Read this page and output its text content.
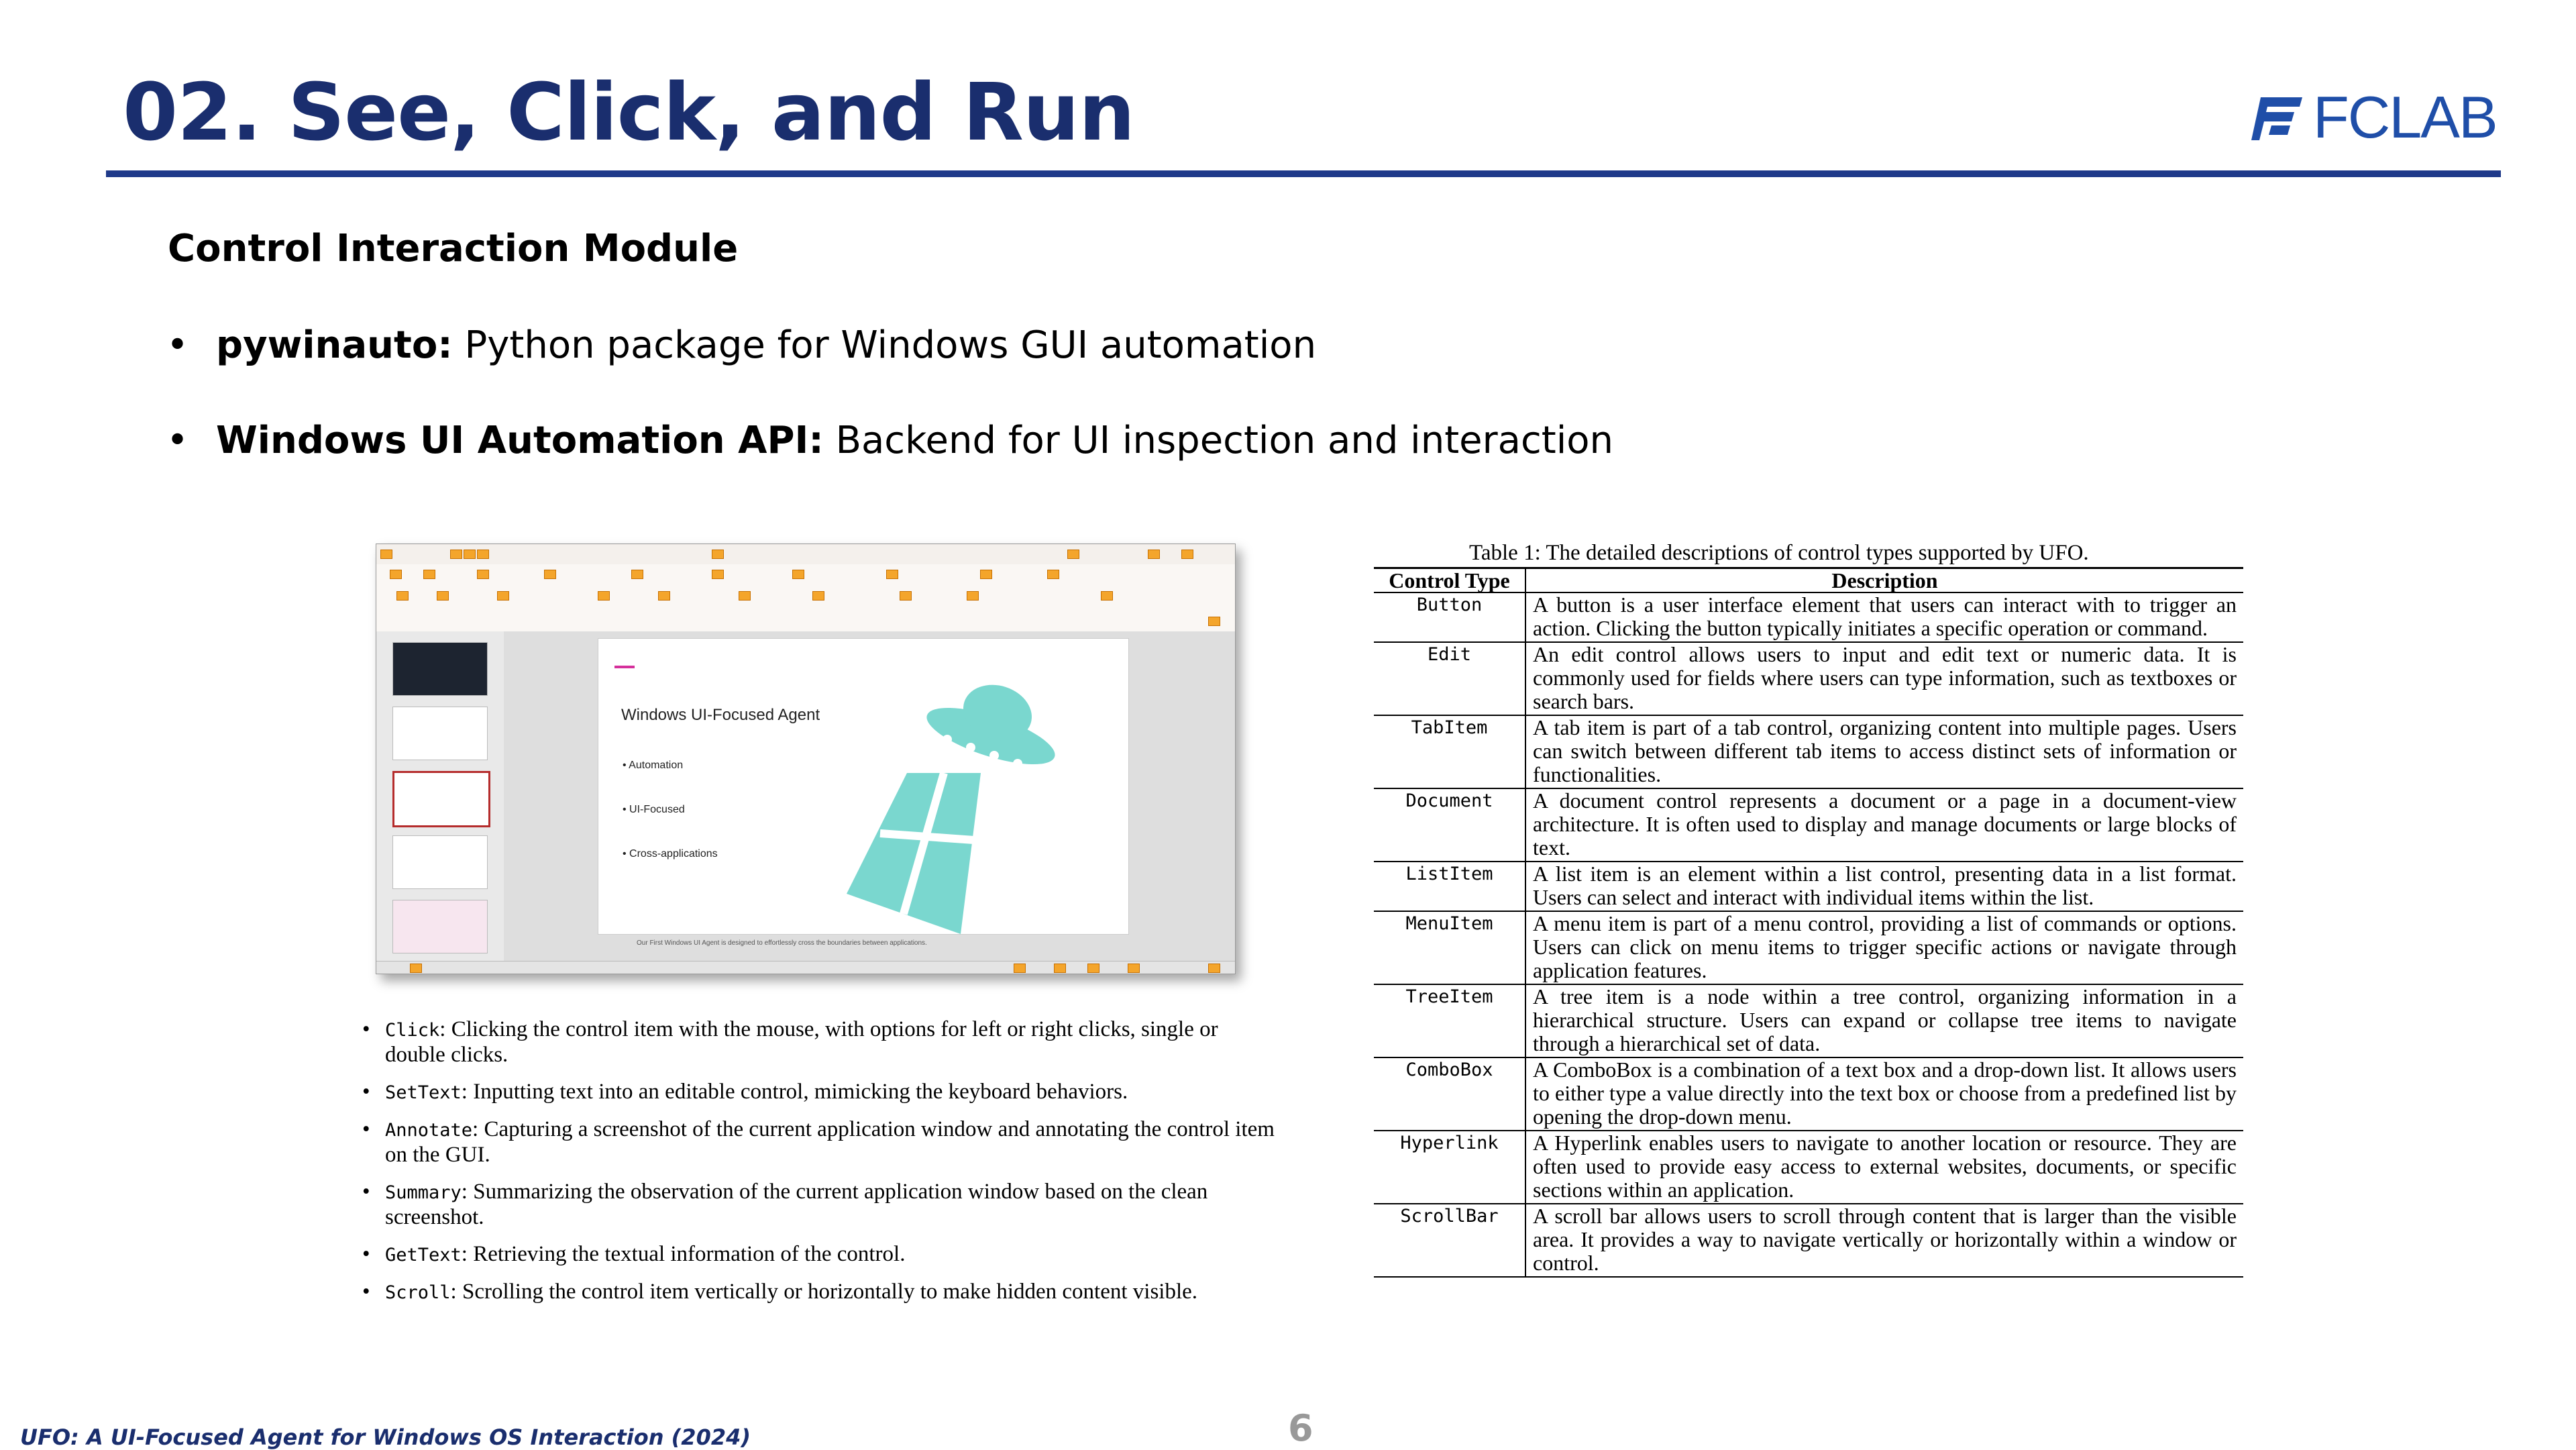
02. See, Click, and Run	FCLAB
Control Interaction Module
• pywinauto: Python package for Windows GUI automation
• Windows UI Automation API: Backend for UI inspection and interaction
Windows UI-Focused Agent
• Automation
• UI-Focused
• Cross-applications
Our First Windows UI Agent is designed to effortlessly cross the boundaries between applications.
• Click: Clicking the control item with the mouse, with options for left or right clicks, single or double clicks.
• SetText: Inputting text into an editable control, mimicking the keyboard behaviors.
• Annotate: Capturing a screenshot of the current application window and annotating the control item on the GUI.
• Summary: Summarizing the observation of the current application window based on the clean screenshot.
• GetText: Retrieving the textual information of the control.
• Scroll: Scrolling the control item vertically or horizontally to make hidden content visible.
Table 1: The detailed descriptions of control types supported by UFO.
Control Type	Description
Button	A button is a user interface element that users can interact with to trigger an action. Clicking the button typically initiates a specific operation or command.
Edit	An edit control allows users to input and edit text or numeric data. It is commonly used for fields where users can type information, such as textboxes or search bars.
TabItem	A tab item is part of a tab control, organizing content into multiple pages. Users can switch between different tab items to access distinct sets of information or functionalities.
Document	A document control represents a document or a page in a document-view architecture. It is often used to display and manage documents or large blocks of text.
ListItem	A list item is an element within a list control, presenting data in a list format. Users can select and interact with individual items within the list.
MenuItem	A menu item is part of a menu control, providing a list of commands or options. Users can click on menu items to trigger specific actions or navigate through application features.
TreeItem	A tree item is a node within a tree control, organizing information in a hierarchical structure. Users can expand or collapse tree items to navigate through a hierarchical set of data.
ComboBox	A ComboBox is a combination of a text box and a drop-down list. It allows users to either type a value directly into the text box or choose from a predefined list by opening the drop-down menu.
Hyperlink	A Hyperlink enables users to navigate to another location or resource. They are often used to provide easy access to external websites, documents, or specific sections within an application.
ScrollBar	A scroll bar allows users to scroll through content that is larger than the visible area. It provides a way to navigate vertically or horizontally within a window or control.
UFO: A UI-Focused Agent for Windows OS Interaction (2024)	6
